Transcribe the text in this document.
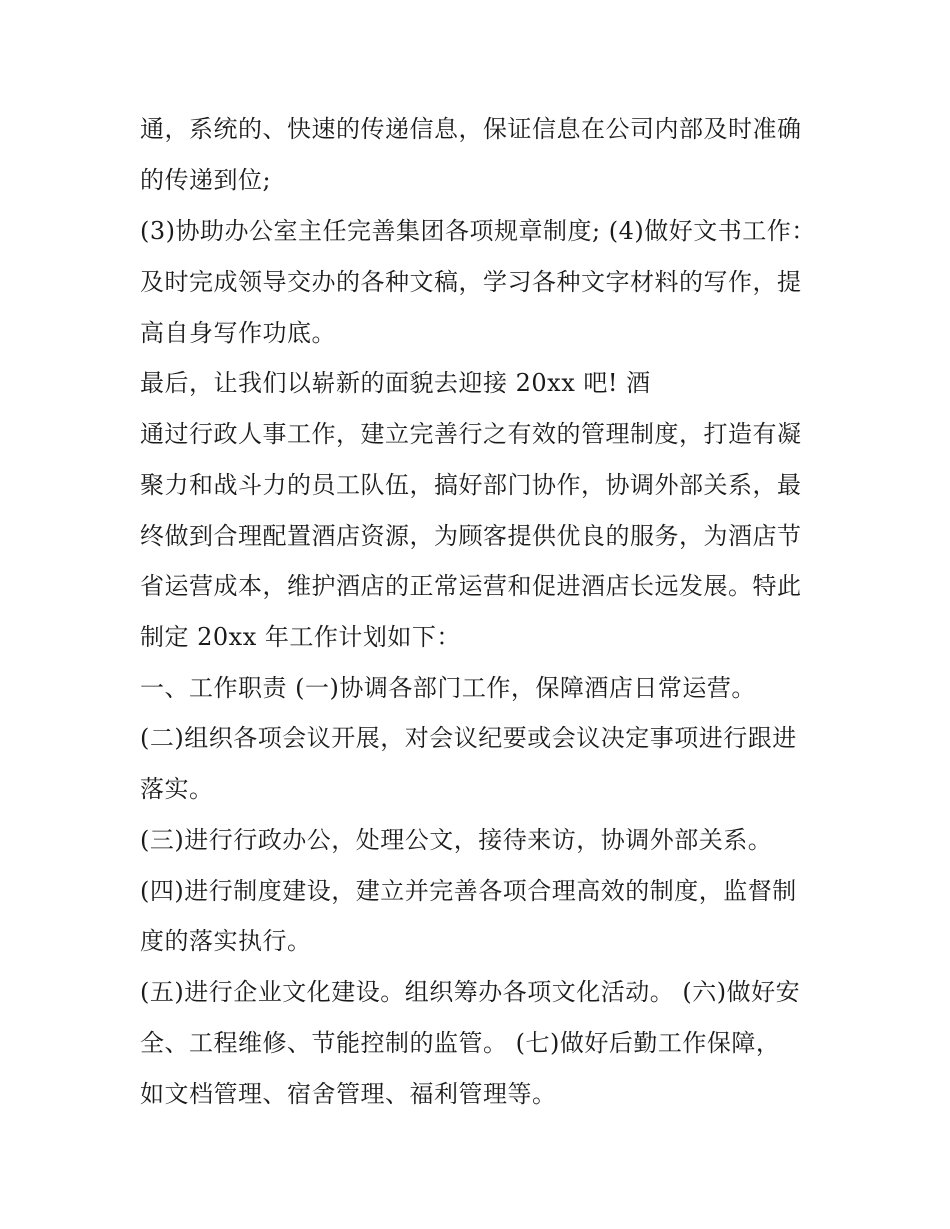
通，系统的、快速的传递信息，保证信息在公司内部及时准确
的传递到位;
(3)协助办公室主任完善集团各项规章制度; (4)做好文书工作：
及时完成领导交办的各种文稿，学习各种文字材料的写作，提
高自身写作功底。
最后，让我们以崭新的面貌去迎接 20xx 吧! 酒
通过行政人事工作，建立完善行之有效的管理制度，打造有凝
聚力和战斗力的员工队伍，搞好部门协作，协调外部关系，最
终做到合理配置酒店资源，为顾客提供优良的服务，为酒店节
省运营成本，维护酒店的正常运营和促进酒店长远发展。特此
制定 20xx 年工作计划如下：
一、工作职责 (一)协调各部门工作，保障酒店日常运营。
(二)组织各项会议开展，对会议纪要或会议决定事项进行跟进
落实。
(三)进行行政办公，处理公文，接待来访，协调外部关系。
(四)进行制度建设，建立并完善各项合理高效的制度，监督制
度的落实执行。
(五)进行企业文化建设。组织筹办各项文化活动。 (六)做好安
全、工程维修、节能控制的监管。 (七)做好后勤工作保障，
如文档管理、宿舍管理、福利管理等。
